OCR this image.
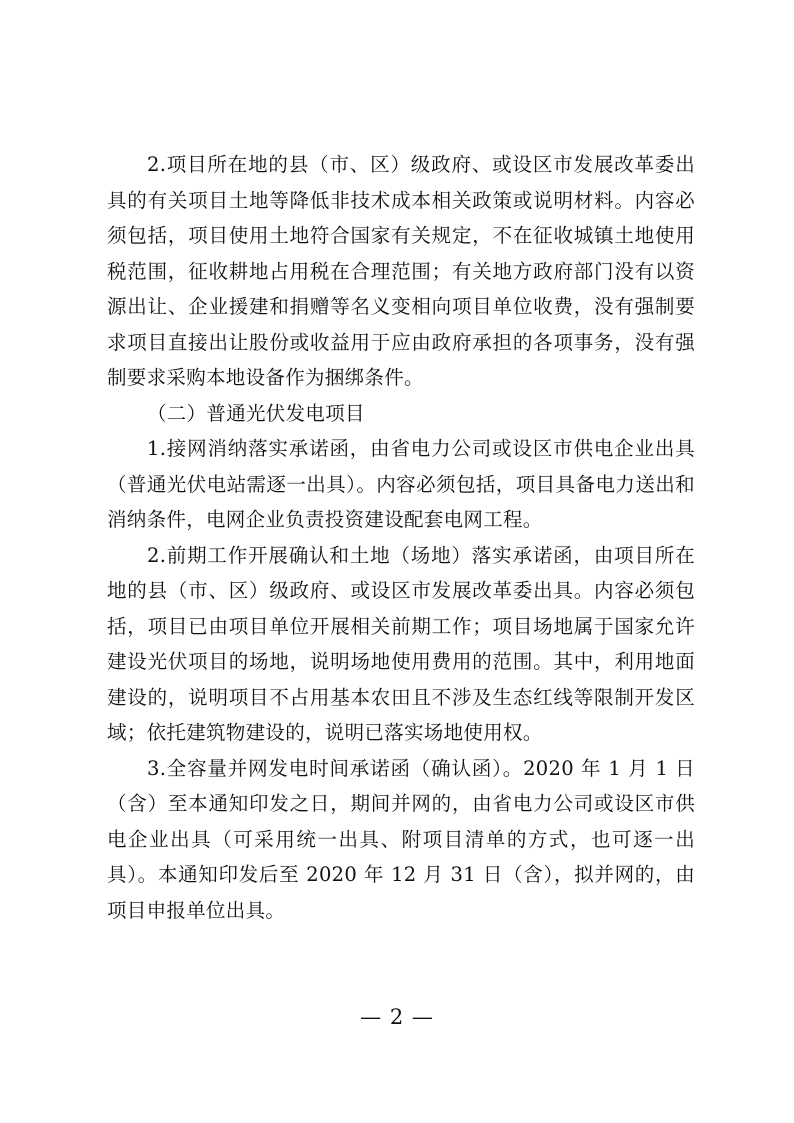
2.项目所在地的县（市、区）级政府、或设区市发展改革委出具的有关项目土地等降低非技术成本相关政策或说明材料。内容必须包括，项目使用土地符合国家有关规定，不在征收城镇土地使用税范围，征收耕地占用税在合理范围；有关地方政府部门没有以资源出让、企业援建和捐赠等名义变相向项目单位收费，没有强制要求项目直接出让股份或收益用于应由政府承担的各项事务，没有强制要求采购本地设备作为捆绑条件。

（二）普通光伏发电项目

1.接网消纳落实承诺函，由省电力公司或设区市供电企业出具（普通光伏电站需逐一出具）。内容必须包括，项目具备电力送出和消纳条件，电网企业负责投资建设配套电网工程。

2.前期工作开展确认和土地（场地）落实承诺函，由项目所在地的县（市、区）级政府、或设区市发展改革委出具。内容必须包括，项目已由项目单位开展相关前期工作；项目场地属于国家允许建设光伏项目的场地，说明场地使用费用的范围。其中，利用地面建设的，说明项目不占用基本农田且不涉及生态红线等限制开发区域；依托建筑物建设的，说明已落实场地使用权。

3.全容量并网发电时间承诺函（确认函）。2020 年 1 月 1 日（含）至本通知印发之日，期间并网的，由省电力公司或设区市供电企业出具（可采用统一出具、附项目清单的方式，也可逐一出具）。本通知印发后至 2020 年 12 月 31 日（含），拟并网的，由项目申报单位出具。

— 2 —
